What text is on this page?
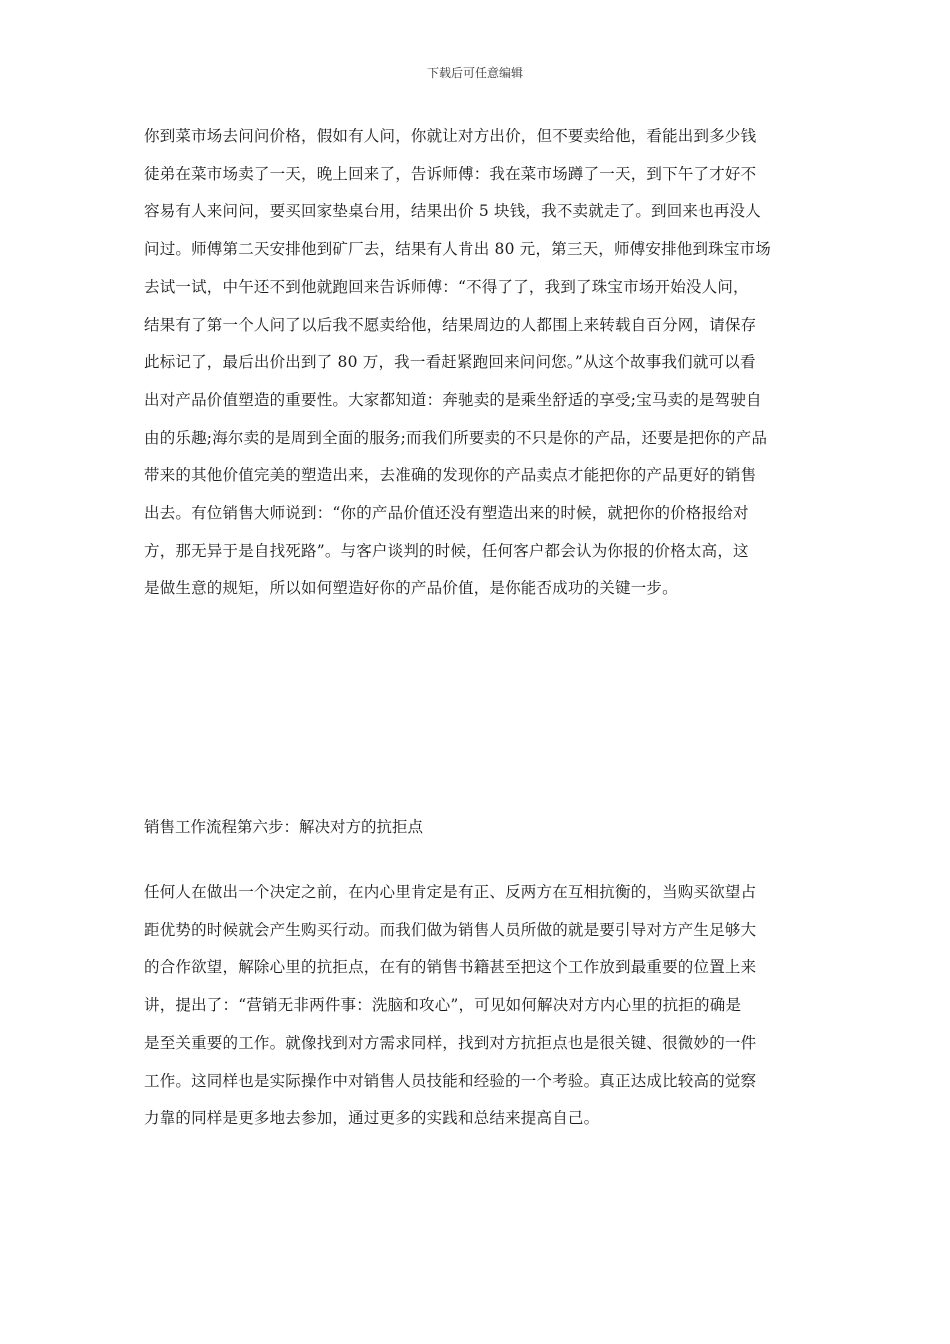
下载后可任意编辑
你到菜市场去问问价格，假如有人问，你就让对方出价，但不要卖给他，看能出到多少钱
徒弟在菜市场卖了一天，晚上回来了，告诉师傅：我在菜市场蹲了一天，到下午了才好不
容易有人来问问，要买回家垫桌台用，结果出价 5 块钱，我不卖就走了。到回来也再没人
问过。师傅第二天安排他到矿厂去，结果有人肯出 80 元，第三天，师傅安排他到珠宝市场
去试一试，中午还不到他就跑回来告诉师傅：“不得了了，我到了珠宝市场开始没人问，
结果有了第一个人问了以后我不愿卖给他，结果周边的人都围上来转载自百分网，请保存
此标记了，最后出价出到了 80 万，我一看赶紧跑回来问问您。”从这个故事我们就可以看
出对产品价值塑造的重要性。大家都知道：奔驰卖的是乘坐舒适的享受;宝马卖的是驾驶自
由的乐趣;海尔卖的是周到全面的服务;而我们所要卖的不只是你的产品，还要是把你的产品
带来的其他价值完美的塑造出来，去准确的发现你的产品卖点才能把你的产品更好的销售
出去。有位销售大师说到：“你的产品价值还没有塑造出来的时候，就把你的价格报给对
方，那无异于是自找死路”。与客户谈判的时候，任何客户都会认为你报的价格太高，这
是做生意的规矩，所以如何塑造好你的产品价值，是你能否成功的关键一步。
销售工作流程第六步：解决对方的抗拒点
任何人在做出一个决定之前，在内心里肯定是有正、反两方在互相抗衡的，当购买欲望占
距优势的时候就会产生购买行动。而我们做为销售人员所做的就是要引导对方产生足够大
的合作欲望，解除心里的抗拒点，在有的销售书籍甚至把这个工作放到最重要的位置上来
讲，提出了：“营销无非两件事：洗脑和攻心”，可见如何解决对方内心里的抗拒的确是
是至关重要的工作。就像找到对方需求同样，找到对方抗拒点也是很关键、很微妙的一件
工作。这同样也是实际操作中对销售人员技能和经验的一个考验。真正达成比较高的觉察
力靠的同样是更多地去参加，通过更多的实践和总结来提高自己。
